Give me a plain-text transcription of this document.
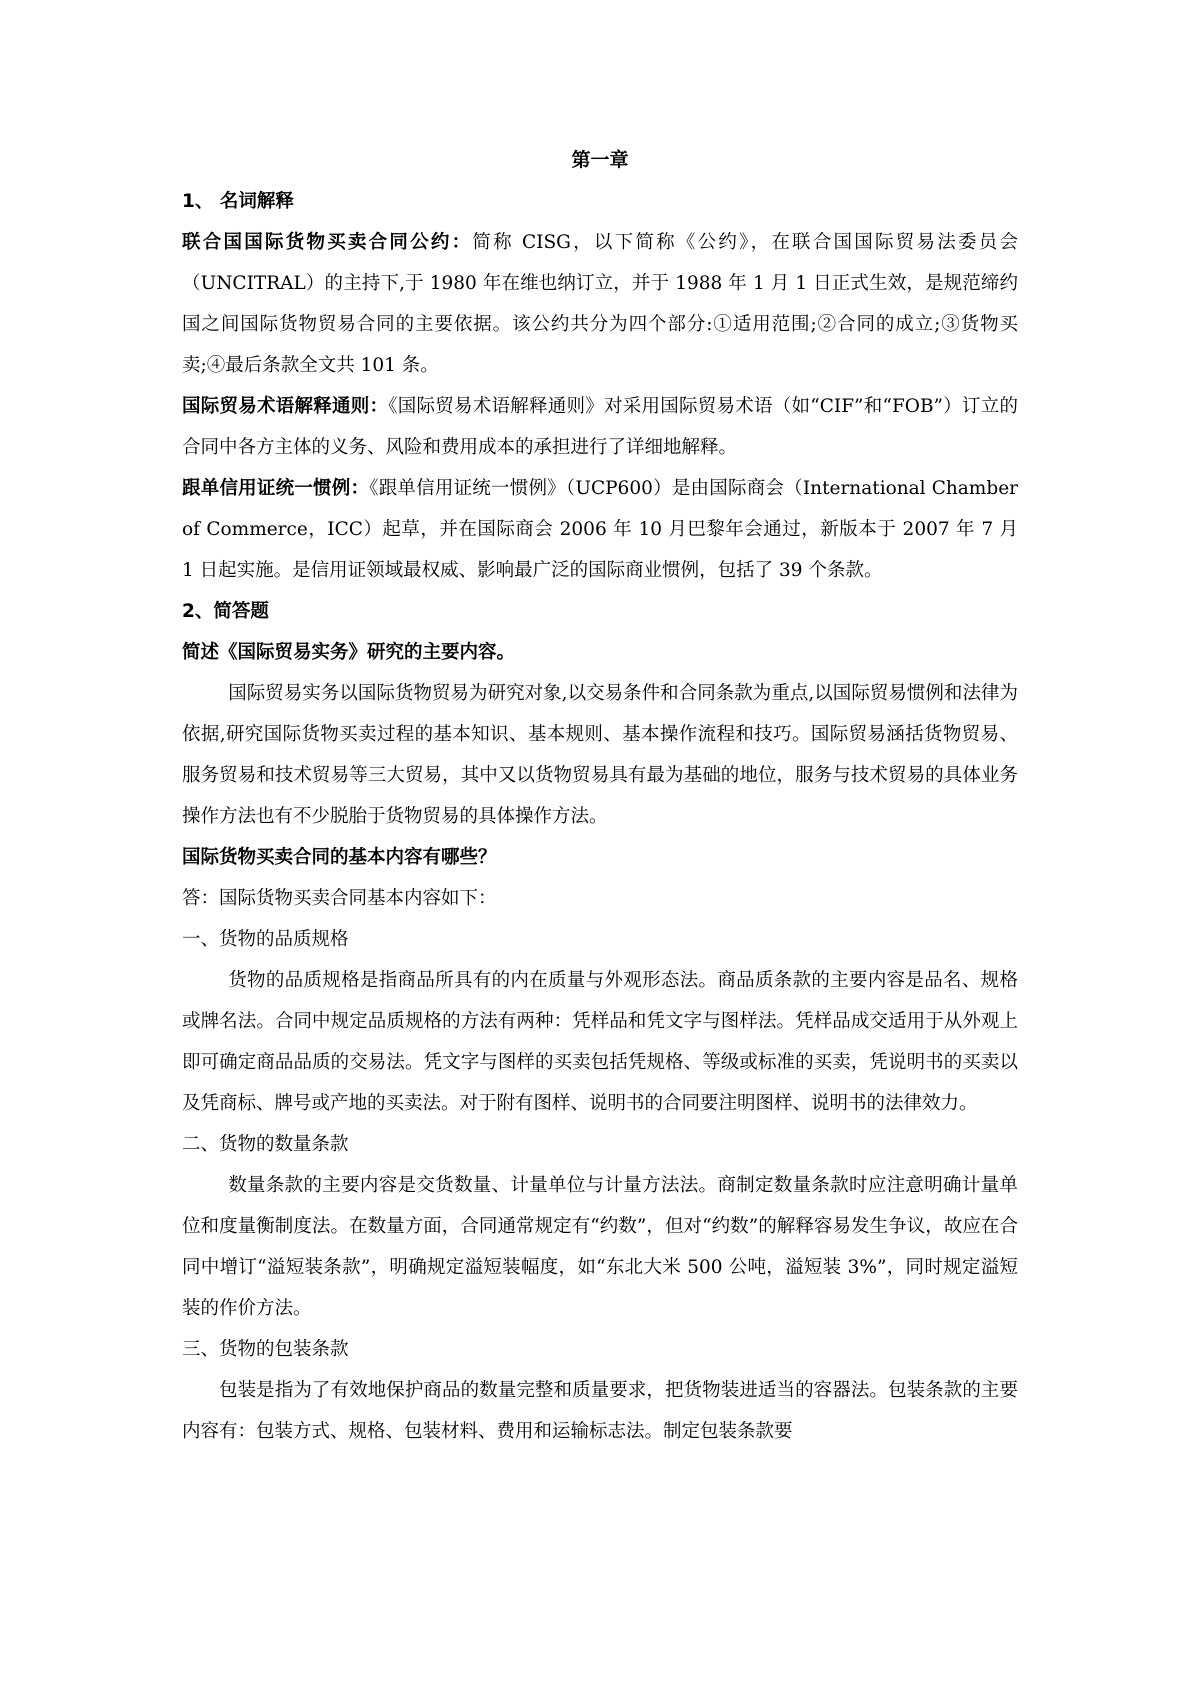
第一章

1、 名词解释

联合国国际货物买卖合同公约：简称 CISG，以下简称《公约》，在联合国国际贸易法委员会（UNCITRAL）的主持下,于 1980 年在维也纳订立，并于 1988 年 1 月 1 日正式生效，是规范缔约国之间国际货物贸易合同的主要依据。该公约共分为四个部分:①适用范围;②合同的成立;③货物买卖;④最后条款全文共 101 条。

国际贸易术语解释通则：《国际贸易术语解释通则》对采用国际贸易术语（如“CIF”和“FOB”）订立的合同中各方主体的义务、风险和费用成本的承担进行了详细地解释。

跟单信用证统一惯例：《跟单信用证统一惯例》（UCP600）是由国际商会（International Chamber of Commerce，ICC）起草，并在国际商会 2006 年 10 月巴黎年会通过，新版本于 2007 年 7 月 1 日起实施。是信用证领域最权威、影响最广泛的国际商业惯例，包括了 39 个条款。

2、简答题

简述《国际贸易实务》研究的主要内容。

国际贸易实务以国际货物贸易为研究对象,以交易条件和合同条款为重点,以国际贸易惯例和法律为依据,研究国际货物买卖过程的基本知识、基本规则、基本操作流程和技巧。国际贸易涵括货物贸易、服务贸易和技术贸易等三大贸易，其中又以货物贸易具有最为基础的地位，服务与技术贸易的具体业务操作方法也有不少脱胎于货物贸易的具体操作方法。

国际货物买卖合同的基本内容有哪些？

答：国际货物买卖合同基本内容如下：

一、货物的品质规格

货物的品质规格是指商品所具有的内在质量与外观形态法。商品质条款的主要内容是品名、规格或牌名法。合同中规定品质规格的方法有两种：凭样品和凭文字与图样法。凭样品成交适用于从外观上即可确定商品品质的交易法。凭文字与图样的买卖包括凭规格、等级或标准的买卖，凭说明书的买卖以及凭商标、牌号或产地的买卖法。对于附有图样、说明书的合同要注明图样、说明书的法律效力。

二、货物的数量条款

数量条款的主要内容是交货数量、计量单位与计量方法法。商制定数量条款时应注意明确计量单位和度量衡制度法。在数量方面，合同通常规定有“约数”，但对“约数”的解释容易发生争议，故应在合同中增订“溢短装条款”，明确规定溢短装幅度，如“东北大米 500 公吨，溢短装 3%”，同时规定溢短装的作价方法。

三、货物的包装条款

包装是指为了有效地保护商品的数量完整和质量要求，把货物装进适当的容器法。包装条款的主要内容有：包装方式、规格、包装材料、费用和运输标志法。制定包装条款要
